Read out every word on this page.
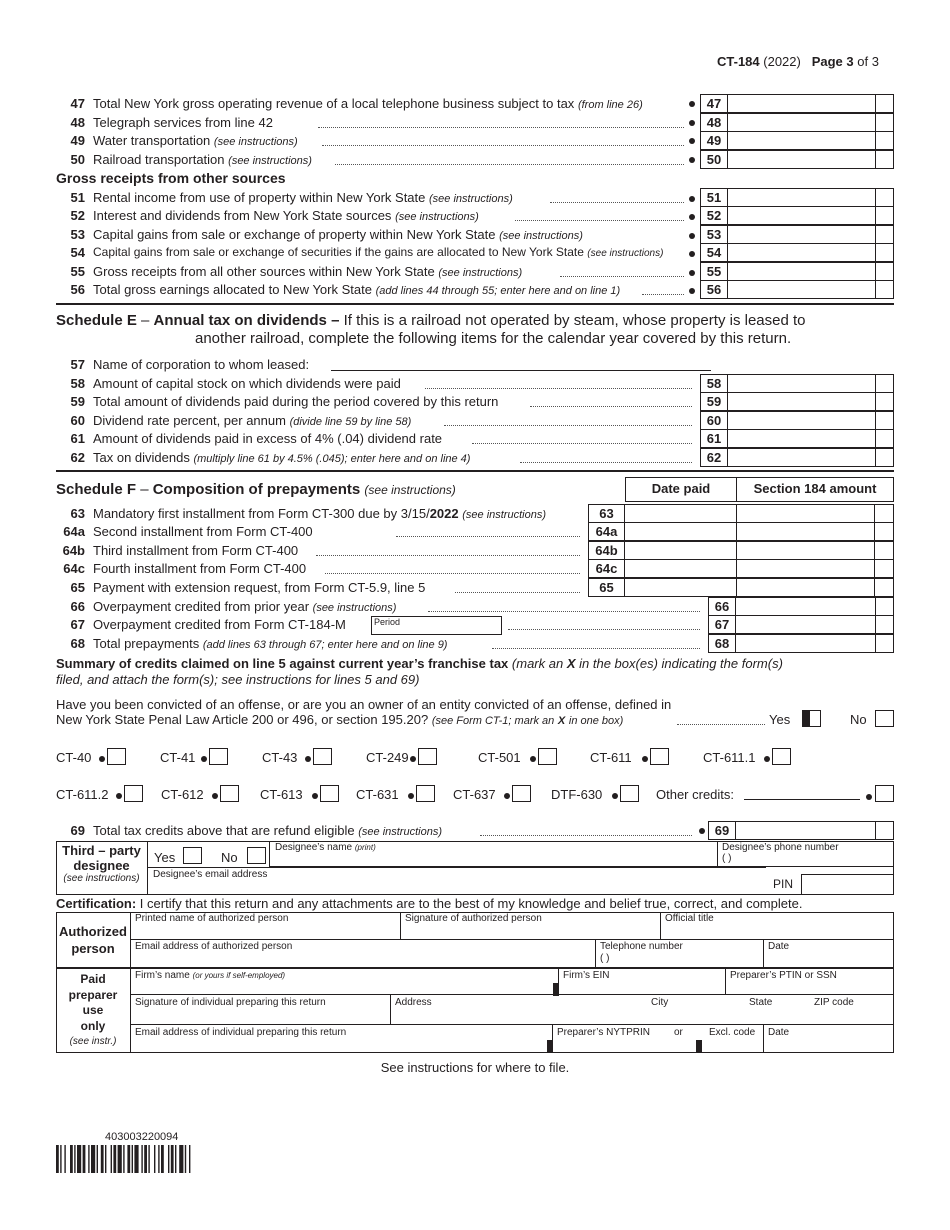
CT-184 (2022) Page 3 of 3
47 Total New York gross operating revenue of a local telephone business subject to tax (from line 26)	47
48 Telegraph services from line 42	48
49 Water transportation (see instructions)	49
50 Railroad transportation (see instructions)	50
Gross receipts from other sources
51 Rental income from use of property within New York State (see instructions)	51
52 Interest and dividends from New York State sources (see instructions)	52
53 Capital gains from sale or exchange of property within New York State (see instructions)	53
54 Capital gains from sale or exchange of securities if the gains are allocated to New York State (see instructions)	54
55 Gross receipts from all other sources within New York State (see instructions)	55
56 Total gross earnings allocated to New York State (add lines 44 through 55; enter here and on line 1)	56
Schedule E – Annual tax on dividends – If this is a railroad not operated by steam, whose property is leased to
another railroad, complete the following items for the calendar year covered by this return.
57 Name of corporation to whom leased:
58 Amount of capital stock on which dividends were paid	58
59 Total amount of dividends paid during the period covered by this return	59
60 Dividend rate percent, per annum (divide line 59 by line 58)	60
61 Amount of dividends paid in excess of 4% (.04) dividend rate	61
62 Tax on dividends (multiply line 61 by 4.5% (.045); enter here and on line 4)	62
Schedule F – Composition of prepayments (see instructions)	Date paid	Section 184 amount
63 Mandatory first installment from Form CT-300 due by 3/15/2022 (see instructions)	63
64a Second installment from Form CT-400	64a
64b Third installment from Form CT-400	64b
64c Fourth installment from Form CT-400	64c
65 Payment with extension request, from Form CT-5.9, line 5	65
66 Overpayment credited from prior year (see instructions)	66
67 Overpayment credited from Form CT-184-M	67
68 Total prepayments (add lines 63 through 67; enter here and on line 9)	68
Period
Summary of credits claimed on line 5 against current year’s franchise tax (mark an X in the box(es) indicating the form(s)
filed, and attach the form(s); see instructions for lines 5 and 69)
Have you been convicted of an offense, or are you an owner of an entity convicted of an offense, defined in
New York State Penal Law Article 200 or 496, or section 195.20? (see Form CT-1; mark an X in one box)	Yes	No
CT-40	CT-41	CT-43	CT-249	CT-501	CT-611	CT-611.1
CT-611.2	CT-612	CT-613	CT-631	CT-637	DTF-630	Other credits:
69 Total tax credits above that are refund eligible (see instructions)	69
Third – party
designee
(see instructions)
Yes	No
Designee’s name (print)	Designee’s phone number
( )
Designee’s email address
PIN
Certification: I certify that this return and any attachments are to the best of my knowledge and belief true, correct, and complete.
Authorized
person
Printed name of authorized person	Signature of authorized person	Official title
Email address of authorized person	Telephone number
( )
Date
Paid
preparer
use
only
(see instr.)
Firm’s name (or yours if self-employed)	Firm’s EIN	Preparer’s PTIN or SSN
Signature of individual preparing this return	Address	City	State	ZIP code
Email address of individual preparing this return	Preparer’s NYTPRIN or	Excl. code Date
See instructions for where to file.
403003220094
